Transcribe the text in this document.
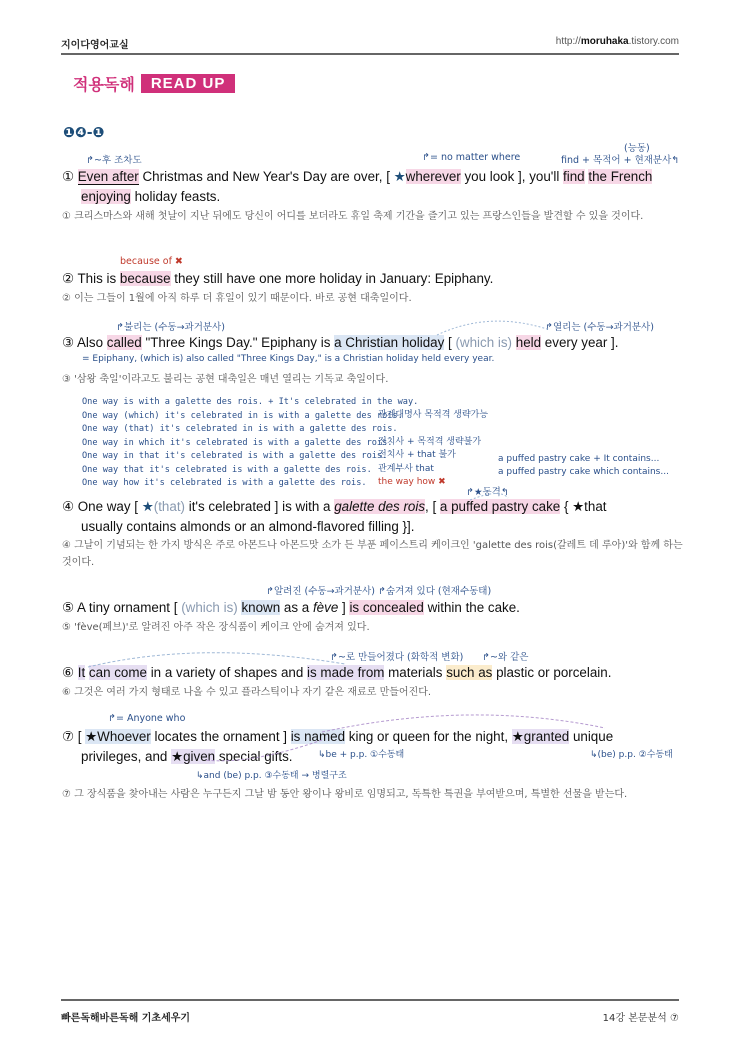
지이다영어교실	http://moruhaka.tistory.com
적용독해	READ UP
❶❹-❶
↱~후 조차도	↱= no matter where
(능동)
find + 목적어 + 현재분사↰
① Even after Christmas and New Year's Day are over, [ ★wherever you look ], you'll find the French
enjoying holiday feasts.
① 크리스마스와 새해 첫날이 지난 뒤에도 당신이 어디를 보더라도 휴일 축제 기간을 즐기고 있는 프랑스인들을 발견할 수 있을 것이다.
because of ✖
② This is because they still have one more holiday in January: Epiphany.
② 이는 그들이 1월에 아직 하루 더 휴일이 있기 때문이다. 바로 공현 대축일이다.
↱불리는 (수동→과거분사)	↱열리는 (수동→과거분사)
③ Also called "Three Kings Day." Epiphany is a Christian holiday [ (which is) held every year ].
= Epiphany, (which is) also called "Three Kings Day," is a Christian holiday held every year.
③ '삼왕 축일'이라고도 불리는 공현 대축일은 매년 열리는 기독교 축일이다.
One way is with a galette des rois. + It's celebrated in the way.
One way (which) it's celebrated in is with a galette des rois.
One way (that) it's celebrated in is with a galette des rois.
One way in which it's celebrated is with a galette des rois.
One way in that it's celebrated is with a galette des rois.
One way that it's celebrated is with a galette des rois.
One way how it's celebrated is with a galette des rois.
관계대명사 목적격 생략가능
전치사 + 목적격 생략불가
전치사 + that 불가
관계부사 that
the way how ✖
a puffed pastry cake + It contains...
a puffed pastry cake which contains...
↱★동격↰
④ One way [ ★(that) it's celebrated ] is with a galette des rois, [ a puffed pastry cake { ★that
usually contains almonds or an almond-flavored filling }].
④ 그날이 기념되는 한 가지 방식은 주로 아몬드나 아몬드맛 소가 든 부푼 페이스트리 케이크인 'galette des rois(갈레트 데 루아)'와 함께 하는 것이다.
↱알려진 (수동→과거분사) ↱숨겨져 있다 (현재수동태)
⑤ A tiny ornament [ (which is) known as a fève ] is concealed within the cake.
⑤ 'fève(페브)'로 알려진 아주 작은 장식품이 케이크 안에 숨겨져 있다.
↱~로 만들어졌다 (화학적 변화) ↱~와 같은
⑥ It can come in a variety of shapes and is made from materials such as plastic or porcelain.
⑥ 그것은 여러 가지 형태로 나올 수 있고 플라스틱이나 자기 같은 재료로 만들어진다.
↱= Anyone who
⑦ [ ★Whoever locates the ornament ] is named king or queen for the night, ★granted unique
privileges, and ★given special gifts.	↳be + p.p. ①수동태	↳(be) p.p. ②수동태
↳and (be) p.p. ③수동태 → 병렬구조
⑦ 그 장식품을 찾아내는 사람은 누구든지 그날 밤 동안 왕이나 왕비로 임명되고, 독특한 특권을 부여받으며, 특별한 선물을 받는다.
빠른독해바른독해 기초세우기	14강 본문분석 ⑦
